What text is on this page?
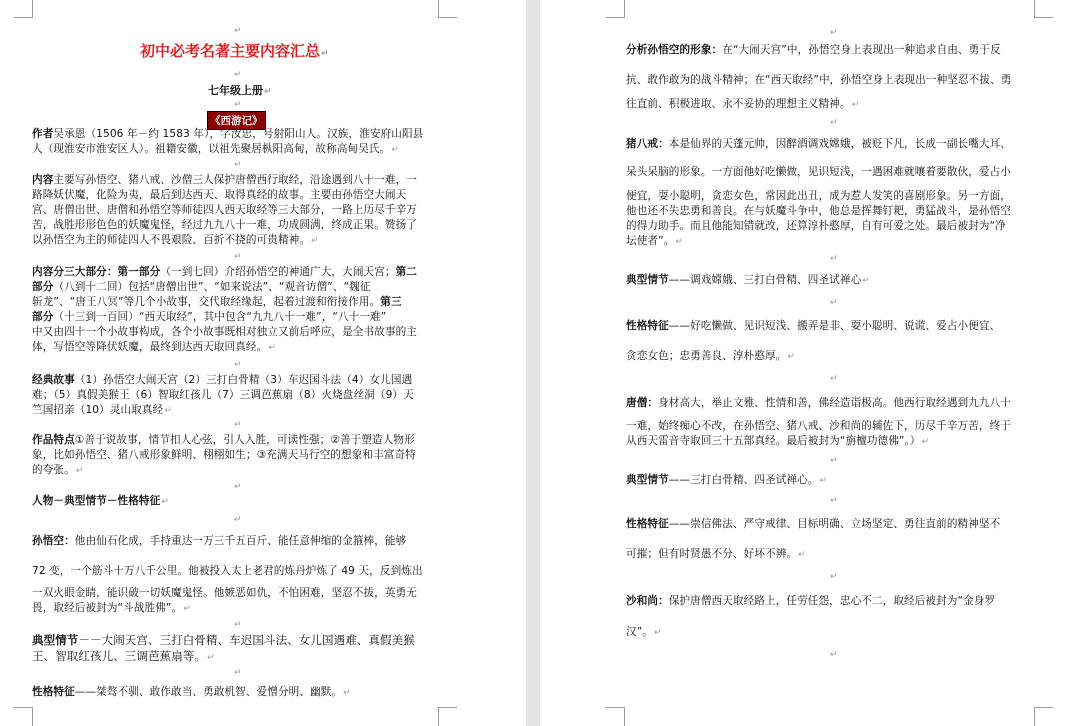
↵
初中必考名著主要内容汇总↵
↵
七年级上册↵
↵
《西游记》
作者吴承恩（1506 年－约 1583 年），字汝忠，号射阳山人。汉族，淮安府山阳县
人（现淮安市淮安区人）。祖籍安徽，以祖先聚居枞阳高甸，故称高甸吴氏。↵
↵
内容主要写孙悟空、猪八戒、沙僧三人保护唐僧西行取经，沿途遇到八十一难，一
路降妖伏魔，化险为夷，最后到达西天、取得真经的故事。主要由孙悟空大闹天
宫、唐僧出世、唐僧和孙悟空等师徒四人西天取经等三大部分，一路上历尽千辛万
苦，战胜形形色色的妖魔鬼怪，经过九九八十一难，功成圆满，终成正果。赞扬了
以孙悟空为主的师徒四人不畏艰险、百折不挠的可贵精神。↵
↵
内容分三大部分：第一部分（一到七回）介绍孙悟空的神通广大，大闹天宫；第二
部分（八到十二回）包括“唐僧出世”、“如来说法”、“观音访僧”、“魏征
斩龙”、“唐王八冥”等几个小故事，交代取经缘起，起着过渡和衔接作用。第三
部分（十三到一百回）“西天取经”，其中包含“九九八十一难”，“八十一难”
中又由四十一个小故事构成，各个小故事既相对独立又前后呼应，是全书故事的主
体，写悟空等降伏妖魔，最终到达西天取回真经。↵
↵
经典故事（1）孙悟空大闹天宫（2）三打白骨精（3）车迟国斗法（4）女儿国遇
难；（5）真假美猴王（6）智取红孩儿（7）三调芭蕉扇（8）火烧盘丝洞（9）天
竺国招亲（10）灵山取真经↵
↵
作品特点①善于说故事，情节扣人心弦，引人入胜，可读性强；②善于塑造人物形
象，比如孙悟空、猪八戒形象鲜明、栩栩如生；③充满天马行空的想象和丰富奇特
的夸张。↵
↵
人物－典型情节－性格特征↵
↵
孙悟空：他由仙石化成，手持重达一万三千五百斤、能任意伸缩的金箍棒，能够
72 变，一个筋斗十万八千公里。他被投入太上老君的炼丹炉炼了 49 天，反到炼出
一双火眼金睛，能识破一切妖魔鬼怪。他嫉恶如仇，不怕困难，坚忍不拔，英勇无
畏，取经后被封为“斗战胜佛”。↵
↵
典型情节－－大闹天宫、三打白骨精、车迟国斗法、女儿国遇难、真假美猴
王、智取红孩儿、三调芭蕉扇等。↵
↵
性格特征——桀骜不驯、敢作敢当、勇敢机智、爱憎分明、幽默。↵
↵
分析孙悟空的形象：在“大闹天宫”中，孙悟空身上表现出一种追求自由、勇于反
抗、敢作敢为的战斗精神；在“西天取经”中，孙悟空身上表现出一种坚忍不拔、勇
往直前、积极进取、永不妥协的理想主义精神。↵
↵
猪八戒：本是仙界的天蓬元帅，因醉酒调戏嫦娥，被贬下凡，长成一副长嘴大耳、
呆头呆脑的形象。一方面他好吃懒做，见识短浅，一遇困难就嚷着要散伙，爱占小
便宜，耍小聪明，贪恋女色，常因此出丑，成为惹人发笑的喜剧形象。另一方面，
他也还不失忠勇和善良。在与妖魔斗争中，他总是挥舞钉耙，勇猛战斗，是孙悟空
的得力助手。而且他能知错就改，还算淳朴憨厚，自有可爱之处。最后被封为“净
坛使者”。↵
↵
典型情节——调戏嫦娥、三打白骨精、四圣试禅心↵
↵
性格特征——好吃懒做、见识短浅、搬弄是非、耍小聪明、说谎、爱占小便宜、
贪恋女色；忠勇善良、淳朴憨厚。↵
↵
唐僧：身材高大，举止文雅、性情和善，佛经造诣极高。他西行取经遇到九九八十
一难，始终痴心不改，在孙悟空、猪八戒、沙和尚的辅佐下，历尽千辛万苦，终于
从西天雷音寺取回三十五部真经。最后被封为“旃檀功德佛”。）↵
↵
典型情节——三打白骨精、四圣试禅心。↵
↵
性格特征——崇信佛法、严守戒律、目标明确、立场坚定、勇往直前的精神坚不
可摧；但有时贤愚不分、好坏不辨。↵
↵
沙和尚：保护唐僧西天取经路上，任劳任怨，忠心不二，取经后被封为“金身罗
汉”。↵
↵
